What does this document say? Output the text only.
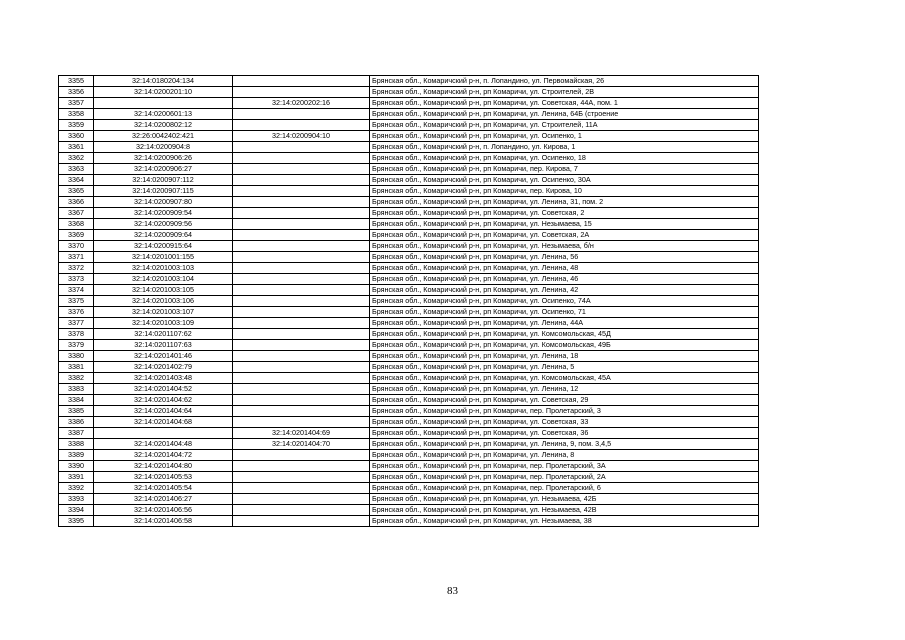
3355	32:14:0180204:134		Брянская обл., Комаричский р-н, п. Лопандино, ул. Первомайская, 26
3356	32:14:0200201:10		Брянская обл., Комаричский р-н, рп Комаричи, ул. Строителей, 2В
3357		32:14:0200202:16	Брянская обл., Комаричский р-н, рп Комаричи, ул. Советская, 44А, пом. 1
3358	32:14:0200601:13		Брянская обл., Комаричский р-н, рп Комаричи, ул. Ленина, 64Б (строение
3359	32:14:0200802:12		Брянская обл., Комаричский р-н, рп Комаричи, ул. Строителей, 11А
3360	32:26:0042402:421	32:14:0200904:10	Брянская обл., Комаричский р-н, рп Комаричи, ул. Осипенко, 1
3361	32:14:0200904:8		Брянская обл., Комаричский р-н, п. Лопандино, ул. Кирова, 1
3362	32:14:0200906:26		Брянская обл., Комаричский р-н, рп Комаричи, ул. Осипенко, 18
3363	32:14:0200906:27		Брянская обл., Комаричский р-н, рп Комаричи, пер. Кирова, 7
3364	32:14:0200907:112		Брянская обл., Комаричский р-н, рп Комаричи, ул. Осипенко, 30А
3365	32:14:0200907:115		Брянская обл., Комаричский р-н, рп Комаричи, пер. Кирова, 10
3366	32:14:0200907:80		Брянская обл., Комаричский р-н, рп Комаричи, ул. Ленина, 31, пом. 2
3367	32:14:0200909:54		Брянская обл., Комаричский р-н, рп Комаричи, ул. Советская, 2
3368	32:14:0200909:56		Брянская обл., Комаричский р-н, рп Комаричи, ул. Незымаева, 15
3369	32:14:0200909:64		Брянская обл., Комаричский р-н, рп Комаричи, ул. Советская, 2А
3370	32:14:0200915:64		Брянская обл., Комаричский р-н, рп Комаричи, ул. Незымаева, б/н
3371	32:14:0201001:155		Брянская обл., Комаричский р-н, рп Комаричи, ул. Ленина, 56
3372	32:14:0201003:103		Брянская обл., Комаричский р-н, рп Комаричи, ул. Ленина, 48
3373	32:14:0201003:104		Брянская обл., Комаричский р-н, рп Комаричи, ул. Ленина, 46
3374	32:14:0201003:105		Брянская обл., Комаричский р-н, рп Комаричи, ул. Ленина, 42
3375	32:14:0201003:106		Брянская обл., Комаричский р-н, рп Комаричи, ул. Осипенко, 74А
3376	32:14:0201003:107		Брянская обл., Комаричский р-н, рп Комаричи, ул. Осипенко, 71
3377	32:14:0201003:109		Брянская обл., Комаричский р-н, рп Комаричи, ул. Ленина, 44А
3378	32:14:0201107:62		Брянская обл., Комаричский р-н, рп Комаричи, ул. Комсомольская, 45Д
3379	32:14:0201107:63		Брянская обл., Комаричский р-н, рп Комаричи, ул. Комсомольская, 49Б
3380	32:14:0201401:46		Брянская обл., Комаричский р-н, рп Комаричи, ул. Ленина, 18
3381	32:14:0201402:79		Брянская обл., Комаричский р-н, рп Комаричи, ул. Ленина, 5
3382	32:14:0201403:48		Брянская обл., Комаричский р-н, рп Комаричи, ул. Комсомольская, 45А
3383	32:14:0201404:52		Брянская обл., Комаричский р-н, рп Комаричи, ул. Ленина, 12
3384	32:14:0201404:62		Брянская обл., Комаричский р-н, рп Комаричи, ул. Советская, 29
3385	32:14:0201404:64		Брянская обл., Комаричский р-н, рп Комаричи, пер. Пролетарский, 3
3386	32:14:0201404:68		Брянская обл., Комаричский р-н, рп Комаричи, ул. Советская, 33
3387		32:14:0201404:69	Брянская обл., Комаричский р-н, рп Комаричи, ул. Советская, 36
3388	32:14:0201404:48	32:14:0201404:70	Брянская обл., Комаричский р-н, рп Комаричи, ул. Ленина, 9, пом. 3,4,5
3389	32:14:0201404:72		Брянская обл., Комаричский р-н, рп Комаричи, ул. Ленина, 8
3390	32:14:0201404:80		Брянская обл., Комаричский р-н, рп Комаричи, пер. Пролетарский, 3А
3391	32:14:0201405:53		Брянская обл., Комаричский р-н, рп Комаричи, пер. Пролетарский, 2А
3392	32:14:0201405:54		Брянская обл., Комаричский р-н, рп Комаричи, пер. Пролетарский, 6
3393	32:14:0201406:27		Брянская обл., Комаричский р-н, рп Комаричи, ул. Незымаева, 42Б
3394	32:14:0201406:56		Брянская обл., Комаричский р-н, рп Комаричи, ул. Незымаева, 42В
3395	32:14:0201406:58		Брянская обл., Комаричский р-н, рп Комаричи, ул. Незымаева, 38
83
